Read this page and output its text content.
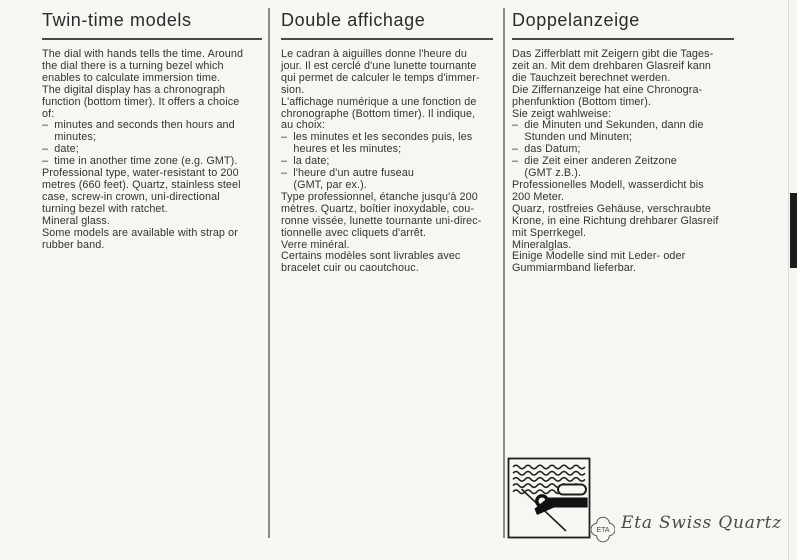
Twin-time models
The dial with hands tells the time. Around
the dial there is a turning bezel which
enables to calculate immersion time.
The digital display has a chronograph
function (bottom timer). It offers a choice
of:
–  minutes and seconds then hours and
minutes;
–  date;
–  time in another time zone (e.g. GMT).
Professional type, water-resistant to 200
metres (660 feet). Quartz, stainless steel
case, screw-in crown, uni-directional
turning bezel with ratchet.
Mineral glass.
Some models are available with strap or
rubber band.
Double affichage
Le cadran à aiguilles donne l'heure du
jour. Il est cerclé d'une lunette tournante
qui permet de calculer le temps d'immer-
sion.
L'affichage numérique a une fonction de
chronographe (Bottom timer). Il indique,
au choix:
–  les minutes et les secondes puis, les
heures et les minutes;
–  la date;
–  l'heure d'un autre fuseau
(GMT, par ex.).
Type professionnel, étanche jusqu'à 200
mètres. Quartz, boîtier inoxydable, cou-
ronne vissée, lunette tournante uni-direc-
tionnelle avec cliquets d'arrêt.
Verre minéral.
Certains modèles sont livrables avec
bracelet cuir ou caoutchouc.
Doppelanzeige
Das Zifferblatt mit Zeigern gibt die Tages-
zeit an. Mit dem drehbaren Glasreif kann
die Tauchzeit berechnet werden.
Die Ziffernanzeige hat eine Chronogra-
phenfunktion (Bottom timer).
Sie zeigt wahlweise:
–  die Minuten und Sekunden, dann die
Stunden und Minuten;
–  das Datum;
–  die Zeit einer anderen Zeitzone
(GMT z.B.).
Professionelles Modell, wasserdicht bis
200 Meter.
Quarz, rostfreies Gehäuse, verschraubte
Krone, in eine Richtung drehbarer Glasreif
mit Sperrkegel.
Mineralglas.
Einige Modelle sind mit Leder- oder
Gummiarmband lieferbar.
ETA Eta Swiss Quartz
